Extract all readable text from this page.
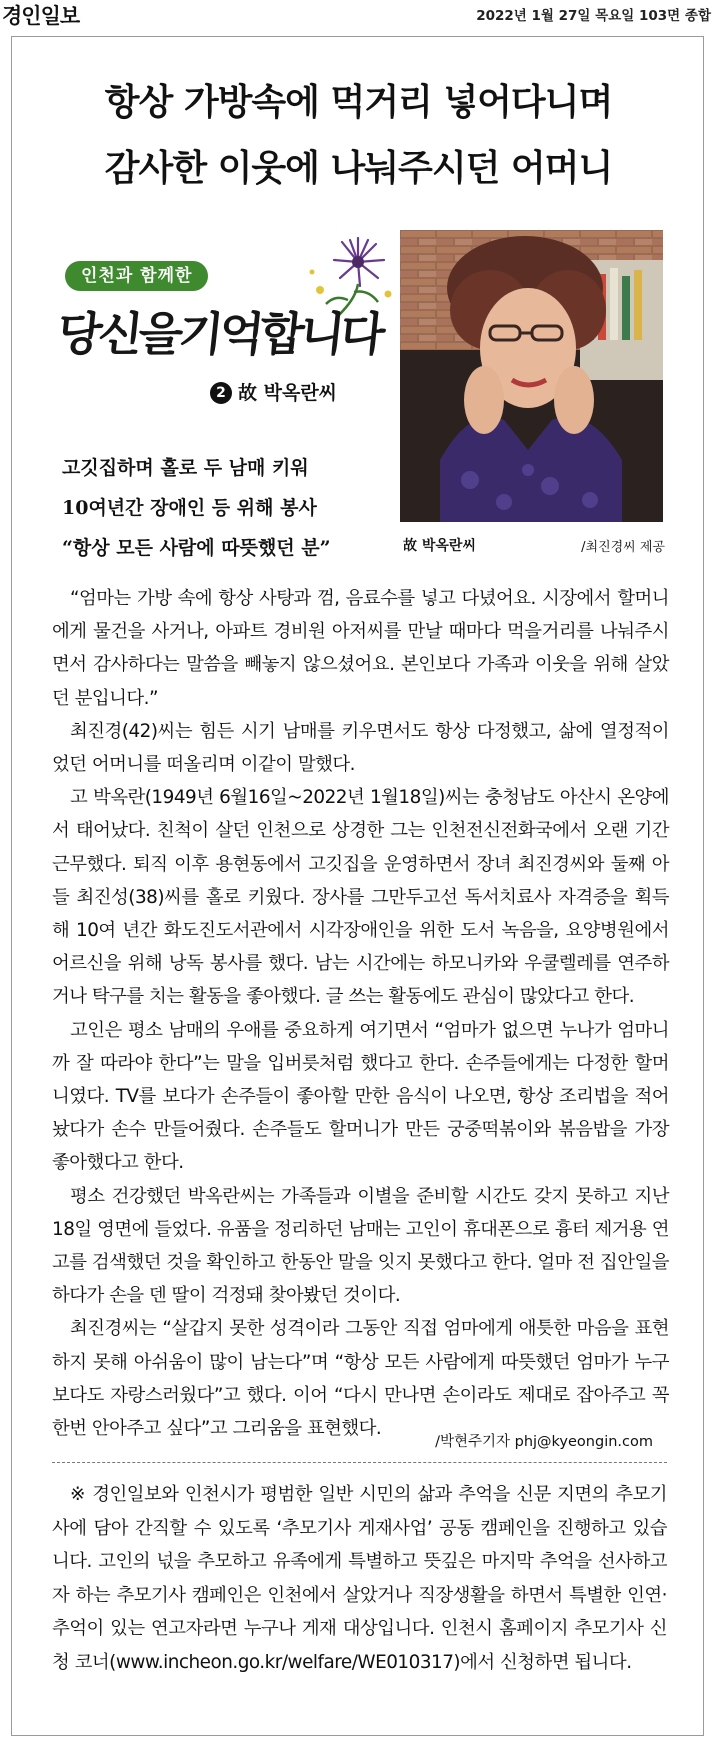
경인일보	2022년 1월 27일 목요일 103면 종합
항상 가방속에 먹거리 넣어다니며
감사한 이웃에 나눠주시던 어머니
인천과 함께한
당신을기억합니다
2 故 박옥란씨
고깃집하며 홀로 두 남매 키워
10여년간 장애인 등 위해 봉사
“항상 모든 사람에 따뜻했던 분”	故 박옥란씨	/최진경씨 제공

“엄마는 가방 속에 항상 사탕과 껌, 음료수를 넣고 다녔어요. 시장에서 할머니에게 물건을 사거나, 아파트 경비원 아저씨를 만날 때마다 먹을거리를 나눠주시면서 감사하다는 말씀을 빼놓지 않으셨어요. 본인보다 가족과 이웃을 위해 살았던 분입니다.”

최진경(42)씨는 힘든 시기 남매를 키우면서도 항상 다정했고, 삶에 열정적이었던 어머니를 떠올리며 이같이 말했다.

고 박옥란(1949년 6월16일~2022년 1월18일)씨는 충청남도 아산시 온양에서 태어났다. 친척이 살던 인천으로 상경한 그는 인천전신전화국에서 오랜 기간 근무했다. 퇴직 이후 용현동에서 고깃집을 운영하면서 장녀 최진경씨와 둘째 아들 최진성(38)씨를 홀로 키웠다. 장사를 그만두고선 독서치료사 자격증을 획득해 10여 년간 화도진도서관에서 시각장애인을 위한 도서 녹음을, 요양병원에서 어르신을 위해 낭독 봉사를 했다. 남는 시간에는 하모니카와 우쿨렐레를 연주하거나 탁구를 치는 활동을 좋아했다. 글 쓰는 활동에도 관심이 많았다고 한다.

고인은 평소 남매의 우애를 중요하게 여기면서 “엄마가 없으면 누나가 엄마니까 잘 따라야 한다”는 말을 입버릇처럼 했다고 한다. 손주들에게는 다정한 할머니였다. TV를 보다가 손주들이 좋아할 만한 음식이 나오면, 항상 조리법을 적어놨다가 손수 만들어줬다. 손주들도 할머니가 만든 궁중떡볶이와 볶음밥을 가장 좋아했다고 한다.

평소 건강했던 박옥란씨는 가족들과 이별을 준비할 시간도 갖지 못하고 지난 18일 영면에 들었다. 유품을 정리하던 남매는 고인이 휴대폰으로 흉터 제거용 연고를 검색했던 것을 확인하고 한동안 말을 잇지 못했다고 한다. 얼마 전 집안일을 하다가 손을 덴 딸이 걱정돼 찾아봤던 것이다.

최진경씨는 “살갑지 못한 성격이라 그동안 직접 엄마에게 애틋한 마음을 표현하지 못해 아쉬움이 많이 남는다”며 “항상 모든 사람에게 따뜻했던 엄마가 누구보다도 자랑스러웠다”고 했다. 이어 “다시 만나면 손이라도 제대로 잡아주고 꼭 한번 안아주고 싶다”고 그리움을 표현했다.

/박현주기자 phj@kyeongin.com

※ 경인일보와 인천시가 평범한 일반 시민의 삶과 추억을 신문 지면의 추모기사에 담아 간직할 수 있도록 ‘추모기사 게재사업’ 공동 캠페인을 진행하고 있습니다. 고인의 넋을 추모하고 유족에게 특별하고 뜻깊은 마지막 추억을 선사하고자 하는 추모기사 캠페인은 인천에서 살았거나 직장생활을 하면서 특별한 인연·추억이 있는 연고자라면 누구나 게재 대상입니다. 인천시 홈페이지 추모기사 신청 코너(www.incheon.go.kr/welfare/WE010317)에서 신청하면 됩니다.
